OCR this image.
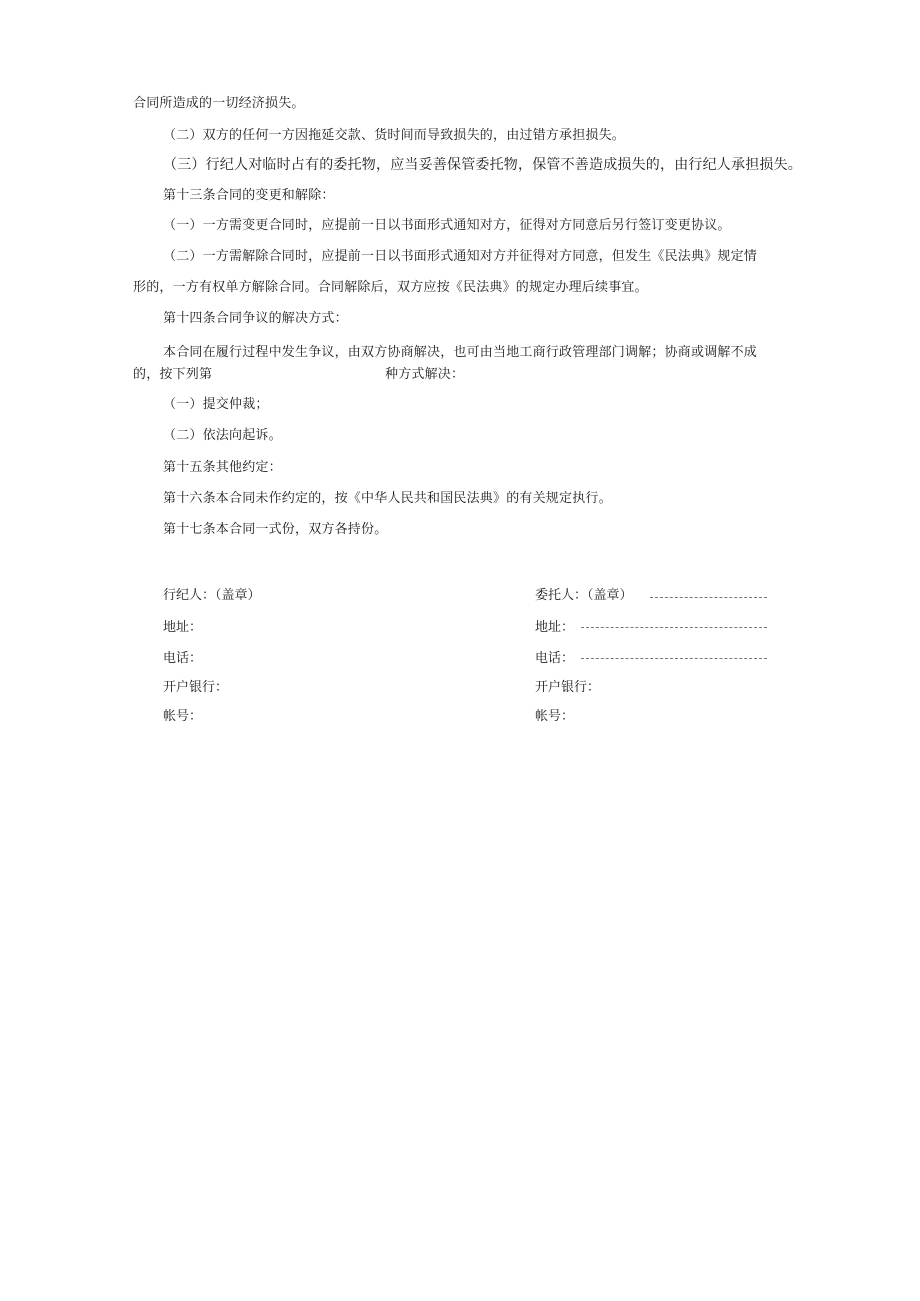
合同所造成的一切经济损失。
（二）双方的任何一方因拖延交款、货时间而导致损失的，由过错方承担损失。
（三）行纪人对临时占有的委托物，应当妥善保管委托物，保管不善造成损失的，由行纪人承担损失。
第十三条合同的变更和解除：
（一）一方需变更合同时，应提前一日以书面形式通知对方，征得对方同意后另行签订变更协议。
（二）一方需解除合同时，应提前一日以书面形式通知对方并征得对方同意，但发生《民法典》规定情
形的，一方有权单方解除合同。合同解除后，双方应按《民法典》的规定办理后续事宜。
第十四条合同争议的解决方式：
本合同在履行过程中发生争议，由双方协商解决，也可由当地工商行政管理部门调解；协商或调解不成
的，按下列第	种方式解决：
（一）提交仲裁；
（二）依法向起诉。
第十五条其他约定：
第十六条本合同未作约定的，按《中华人民共和国民法典》的有关规定执行。
第十七条本合同一式份，双方各持份。
行纪人：（盖章）
地址：
电话：
开户银行：
帐号：
委托人：（盖章）
地址：
电话：
开户银行：
帐号：
